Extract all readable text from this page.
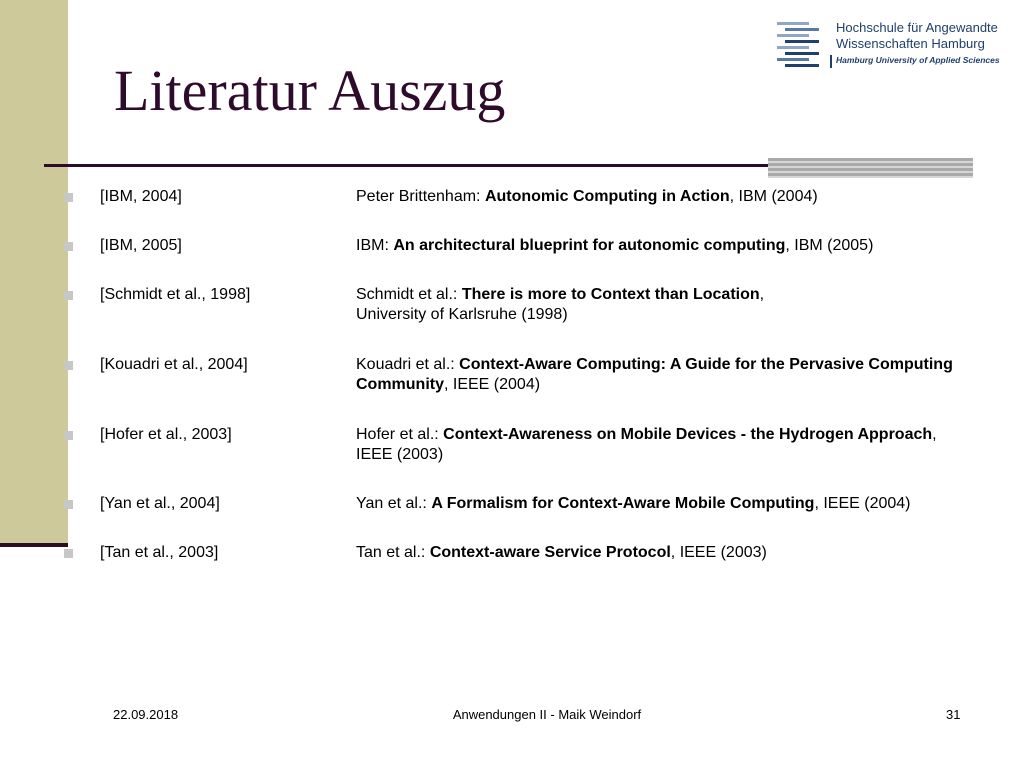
Hochschule für Angewandte
Wissenschaften Hamburg
Hamburg University of Applied Sciences
Literatur Auszug
[IBM, 2004]	Peter Brittenham: Autonomic Computing in Action, IBM (2004)
[IBM, 2005]	IBM: An architectural blueprint for autonomic computing, IBM (2005)
[Schmidt et al., 1998]	Schmidt et al.: There is more to Context than Location,
University of Karlsruhe (1998)
[Kouadri et al., 2004]	Kouadri et al.: Context-Aware Computing: A Guide for the Pervasive Computing Community, IEEE (2004)
[Hofer et al., 2003]	Hofer et al.: Context-Awareness on Mobile Devices - the Hydrogen Approach, IEEE (2003)
[Yan et al., 2004]	Yan et al.: A Formalism for Context-Aware Mobile Computing, IEEE (2004)
[Tan et al., 2003]	Tan et al.: Context-aware Service Protocol, IEEE (2003)
22.09.2018	Anwendungen II - Maik Weindorf	31
